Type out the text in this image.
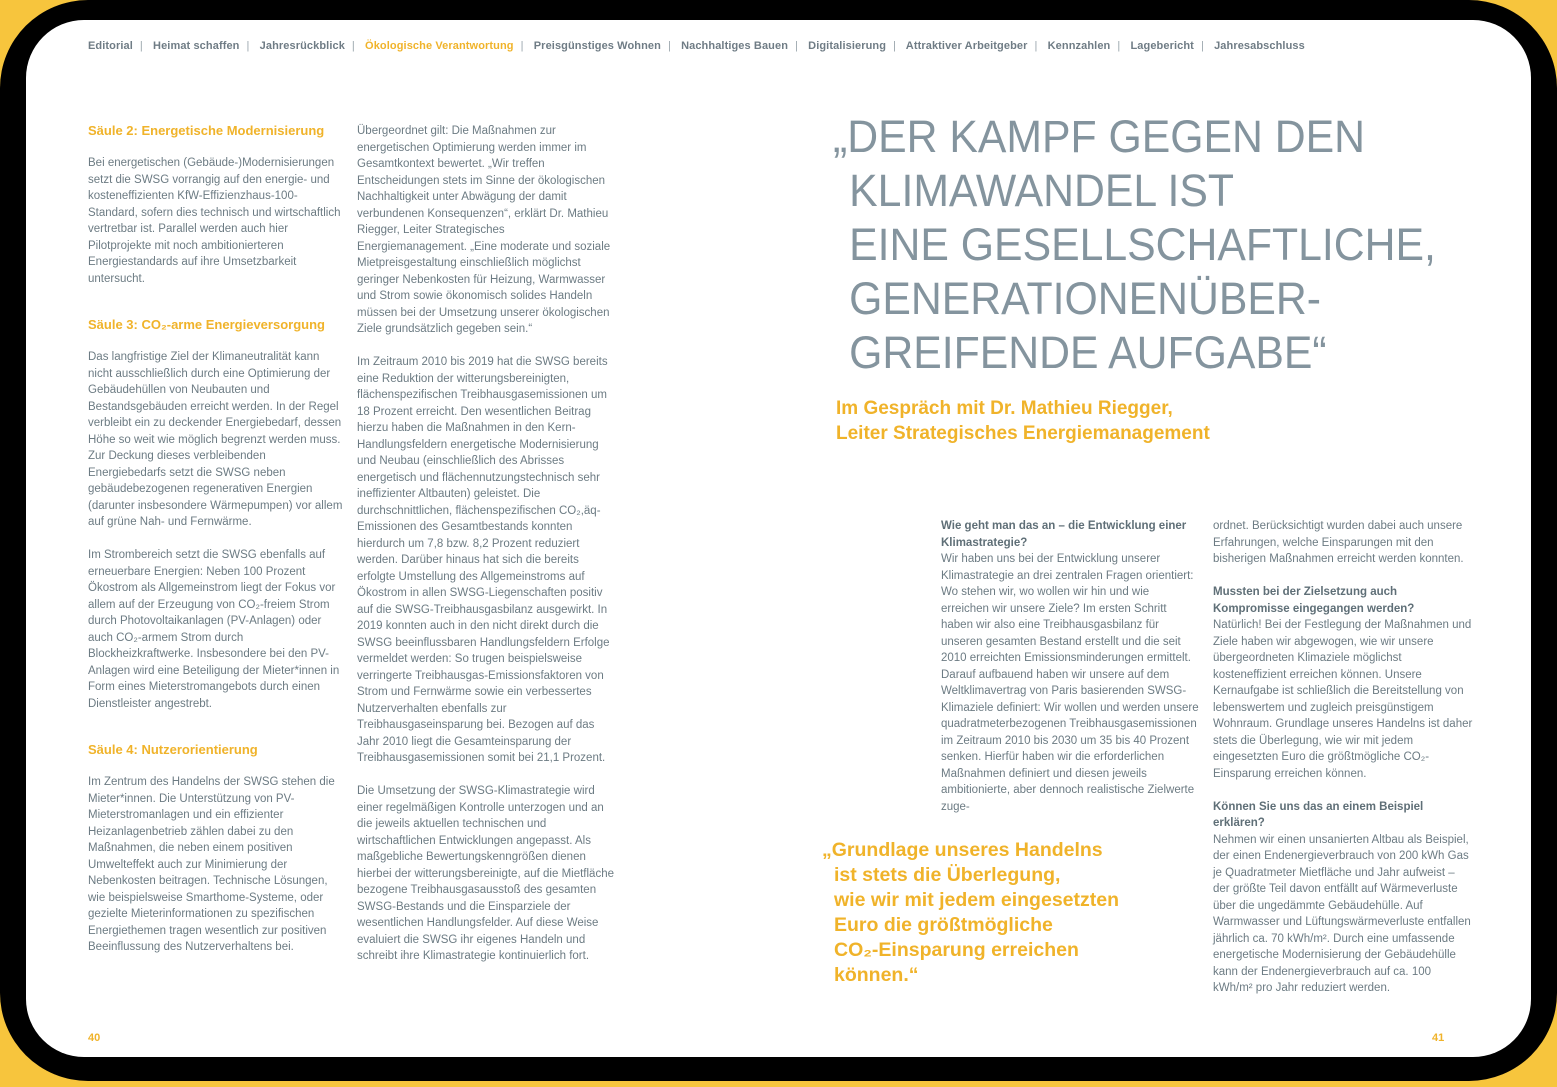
Editorial | Heimat schaffen | Jahresrückblick | Ökologische Verantwortung | Preisgünstiges Wohnen | Nachhaltiges Bauen | Digitalisierung | Attraktiver Arbeitgeber | Kennzahlen | Lagebericht | Jahresabschluss
Säule 2: Energetische Modernisierung

Bei energetischen (Gebäude-)Modernisierungen setzt die SWSG vorrangig auf den energie- und kosteneffizienten KfW-Effizienzhaus-100-Standard, sofern dies technisch und wirtschaftlich vertretbar ist. Parallel werden auch hier Pilotprojekte mit noch ambitionierteren Energiestandards auf ihre Umsetzbarkeit untersucht.

Säule 3: CO₂-arme Energieversorgung

Das langfristige Ziel der Klimaneutralität kann nicht ausschließlich durch eine Optimierung der Gebäudehüllen von Neubauten und Bestandsgebäuden erreicht werden. In der Regel verbleibt ein zu deckender Energiebedarf, dessen Höhe so weit wie möglich begrenzt werden muss. Zur Deckung dieses verbleibenden Energiebedarfs setzt die SWSG neben gebäudebezogenen regenerativen Energien (darunter insbesondere Wärmepumpen) vor allem auf grüne Nah- und Fernwärme.

Im Strombereich setzt die SWSG ebenfalls auf erneuerbare Energien: Neben 100 Prozent Ökostrom als Allgemeinstrom liegt der Fokus vor allem auf der Erzeugung von CO₂-freiem Strom durch Photovoltaikanlagen (PV-Anlagen) oder auch CO₂-armem Strom durch Blockheizkraftwerke. Insbesondere bei den PV-Anlagen wird eine Beteiligung der Mieter*innen in Form eines Mieterstromangebots durch einen Dienstleister angestrebt.

Säule 4: Nutzerorientierung

Im Zentrum des Handelns der SWSG stehen die Mieter*innen. Die Unterstützung von PV-Mieterstromanlagen und ein effizienter Heizanlagenbetrieb zählen dabei zu den Maßnahmen, die neben einem positiven Umwelteffekt auch zur Minimierung der Nebenkosten beitragen. Technische Lösungen, wie beispielsweise Smarthome-Systeme, oder gezielte Mieterinformationen zu spezifischen Energiethemen tragen wesentlich zur positiven Beeinflussung des Nutzerverhaltens bei.

Übergeordnet gilt: Die Maßnahmen zur energetischen Optimierung werden immer im Gesamtkontext bewertet. „Wir treffen Entscheidungen stets im Sinne der ökologischen Nachhaltigkeit unter Abwägung der damit verbundenen Konsequenzen“, erklärt Dr. Mathieu Riegger, Leiter Strategisches Energiemanagement. „Eine moderate und soziale Mietpreisgestaltung einschließlich möglichst geringer Nebenkosten für Heizung, Warmwasser und Strom sowie ökonomisch solides Handeln müssen bei der Umsetzung unserer ökologischen Ziele grundsätzlich gegeben sein.“

Im Zeitraum 2010 bis 2019 hat die SWSG bereits eine Reduktion der witterungsbereinigten, flächenspezifischen Treibhausgasemissionen um 18 Prozent erreicht. Den wesentlichen Beitrag hierzu haben die Maßnahmen in den Kern-Handlungsfeldern energetische Modernisierung und Neubau (einschließlich des Abrisses energetisch und flächennutzungstechnisch sehr ineffizienter Altbauten) geleistet. Die durchschnittlichen, flächenspezifischen CO₂,äq-Emissionen des Gesamtbestands konnten hierdurch um 7,8 bzw. 8,2 Prozent reduziert werden. Darüber hinaus hat sich die bereits erfolgte Umstellung des Allgemeinstroms auf Ökostrom in allen SWSG-Liegenschaften positiv auf die SWSG-Treibhausgasbilanz ausgewirkt. In 2019 konnten auch in den nicht direkt durch die SWSG beeinflussbaren Handlungsfeldern Erfolge vermeldet werden: So trugen beispielsweise verringerte Treibhausgas-Emissionsfaktoren von Strom und Fernwärme sowie ein verbessertes Nutzerverhalten ebenfalls zur Treibhausgaseinsparung bei. Bezogen auf das Jahr 2010 liegt die Gesamteinsparung der Treibhausgasemissionen somit bei 21,1 Prozent.

Die Umsetzung der SWSG-Klimastrategie wird einer regelmäßigen Kontrolle unterzogen und an die jeweils aktuellen technischen und wirtschaftlichen Entwicklungen angepasst. Als maßgebliche Bewertungskenngrößen dienen hierbei der witterungsbereinigte, auf die Mietfläche bezogene Treibhausgasausstoß des gesamten SWSG-Bestands und die Einsparziele der wesentlichen Handlungsfelder. Auf diese Weise evaluiert die SWSG ihr eigenes Handeln und schreibt ihre Klimastrategie kontinuierlich fort.

„DER KAMPF GEGEN DEN
KLIMAWANDEL IST
EINE GESELLSCHAFTLICHE,
GENERATIONENÜBER-
GREIFENDE AUFGABE“
Im Gespräch mit Dr. Mathieu Riegger,
Leiter Strategisches Energiemanagement

Wie geht man das an – die Entwicklung einer Klimastrategie?

Wir haben uns bei der Entwicklung unserer Klimastrategie an drei zentralen Fragen orientiert: Wo stehen wir, wo wollen wir hin und wie erreichen wir unsere Ziele? Im ersten Schritt haben wir also eine Treibhausgasbilanz für unseren gesamten Bestand erstellt und die seit 2010 erreichten Emissionsminderungen ermittelt. Darauf aufbauend haben wir unsere auf dem Weltklimavertrag von Paris basierenden SWSG-Klimaziele definiert: Wir wollen und werden unsere quadratmeterbezogenen Treibhausgasemissionen im Zeitraum 2010 bis 2030 um 35 bis 40 Prozent senken. Hierfür haben wir die erforderlichen Maßnahmen definiert und diesen jeweils ambitionierte, aber dennoch realistische Zielwerte zuge-

ordnet. Berücksichtigt wurden dabei auch unsere Erfahrungen, welche Einsparungen mit den bisherigen Maßnahmen erreicht werden konnten.

Mussten bei der Zielsetzung auch Kompromisse eingegangen werden?

Natürlich! Bei der Festlegung der Maßnahmen und Ziele haben wir abgewogen, wie wir unsere übergeordneten Klimaziele möglichst kosteneffizient erreichen können. Unsere Kernaufgabe ist schließlich die Bereitstellung von lebenswertem und zugleich preisgünstigem Wohnraum. Grundlage unseres Handelns ist daher stets die Überlegung, wie wir mit jedem eingesetzten Euro die größtmögliche CO₂-Einsparung erreichen können.

Können Sie uns das an einem Beispiel erklären?

Nehmen wir einen unsanierten Altbau als Beispiel, der einen Endenergieverbrauch von 200 kWh Gas je Quadratmeter Mietfläche und Jahr aufweist – der größte Teil davon entfällt auf Wärmeverluste über die ungedämmte Gebäudehülle. Auf Warmwasser und Lüftungswärmeverluste entfallen jährlich ca. 70 kWh/m². Durch eine umfassende energetische Modernisierung der Gebäudehülle kann der Endenergieverbrauch auf ca. 100 kWh/m² pro Jahr reduziert werden.

„Grundlage unseres Handelns
ist stets die Überlegung,
wie wir mit jedem eingesetzten
Euro die größtmögliche
CO₂-Einsparung erreichen
können.“
40	41
